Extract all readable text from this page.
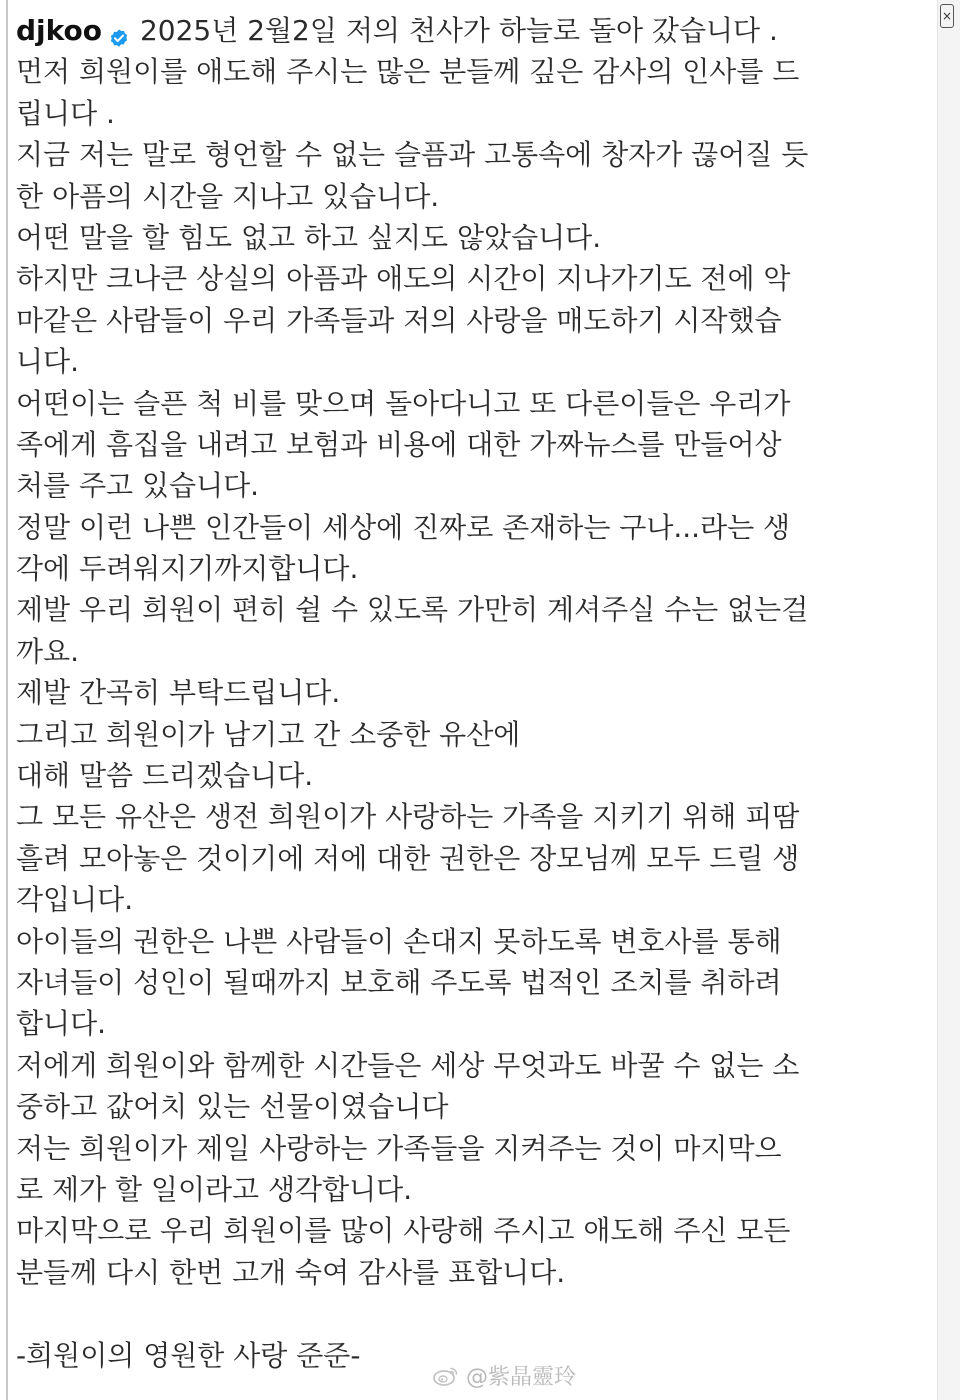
djkoo 2025년 2월2일 저의 천사가 하늘로 돌아 갔습니다 .
먼저 희원이를 애도해 주시는 많은 분들께 깊은 감사의 인사를 드
립니다 .
지금 저는 말로 형언할 수 없는 슬픔과 고통속에 창자가 끊어질 듯
한 아픔의 시간을 지나고 있습니다.
어떤 말을 할 힘도 없고 하고 싶지도 않았습니다.
하지만 크나큰 상실의 아픔과 애도의 시간이 지나가기도 전에 악
마같은 사람들이 우리 가족들과 저의 사랑을 매도하기 시작했습
니다.
어떤이는 슬픈 척 비를 맞으며 돌아다니고 또 다른이들은 우리가
족에게 흠집을 내려고 보험과 비용에 대한 가짜뉴스를 만들어상
처를 주고 있습니다.
정말 이런 나쁜 인간들이 세상에 진짜로 존재하는 구나...라는 생
각에 두려워지기까지합니다.
제발 우리 희원이 편히 쉴 수 있도록 가만히 계셔주실 수는 없는걸
까요.
제발 간곡히 부탁드립니다.
그리고 희원이가 남기고 간 소중한 유산에
대해 말씀 드리겠습니다.
그 모든 유산은 생전 희원이가 사랑하는 가족을 지키기 위해 피땀
흘려 모아놓은 것이기에 저에 대한 권한은 장모님께 모두 드릴 생
각입니다.
아이들의 권한은 나쁜 사람들이 손대지 못하도록 변호사를 통해
자녀들이 성인이 될때까지 보호해 주도록 법적인 조치를 취하려
합니다.
저에게 희원이와 함께한 시간들은 세상 무엇과도 바꿀 수 없는 소
중하고 값어치 있는 선물이였습니다
저는 희원이가 제일 사랑하는 가족들을 지켜주는 것이 마지막으
로 제가 할 일이라고 생각합니다.
마지막으로 우리 희원이를 많이 사랑해 주시고 애도해 주신 모든
분들께 다시 한번 고개 숙여 감사를 표합니다.
-희원이의 영원한 사랑 준준-
@紫晶靈玲
×
